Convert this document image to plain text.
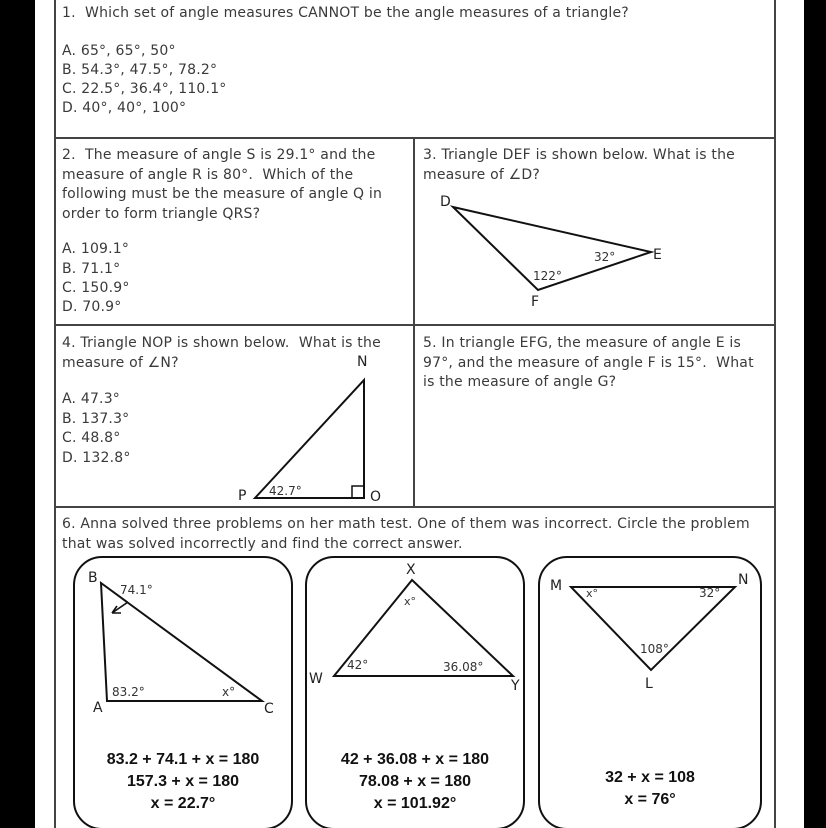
1.  Which set of angle measures CANNOT be the angle measures of a triangle?
A. 65°, 65°, 50°
B. 54.3°, 47.5°, 78.2°
C. 22.5°, 36.4°, 110.1°
D. 40°, 40°, 100°
2.  The measure of angle S is 29.1° and the measure of angle R is 80°.  Which of the following must be the measure of angle Q in order to form triangle QRS?
A. 109.1°
B. 71.1°
C. 150.9°
D. 70.9°
3. Triangle DEF is shown below. What is the measure of ∠D?
D
E
F
32°
122°
N
P	O
42.7°
B
A	C
74.1°
83.2°	x°
X
W	Y
x°
42°	36.08°
M	N
L
x°	32°
108°
4. Triangle NOP is shown below.  What is the measure of ∠N?
A. 47.3°
B. 137.3°
C. 48.8°
D. 132.8°
5. In triangle EFG, the measure of angle E is 97°, and the measure of angle F is 15°.  What is the measure of angle G?
6. Anna solved three problems on her math test. One of them was incorrect. Circle the problem that was solved incorrectly and find the correct answer.
83.2 + 74.1 + x = 180
157.3 + x = 180
x = 22.7°
42 + 36.08 + x = 180
78.08 + x = 180
x = 101.92°
32 + x = 108
x = 76°
